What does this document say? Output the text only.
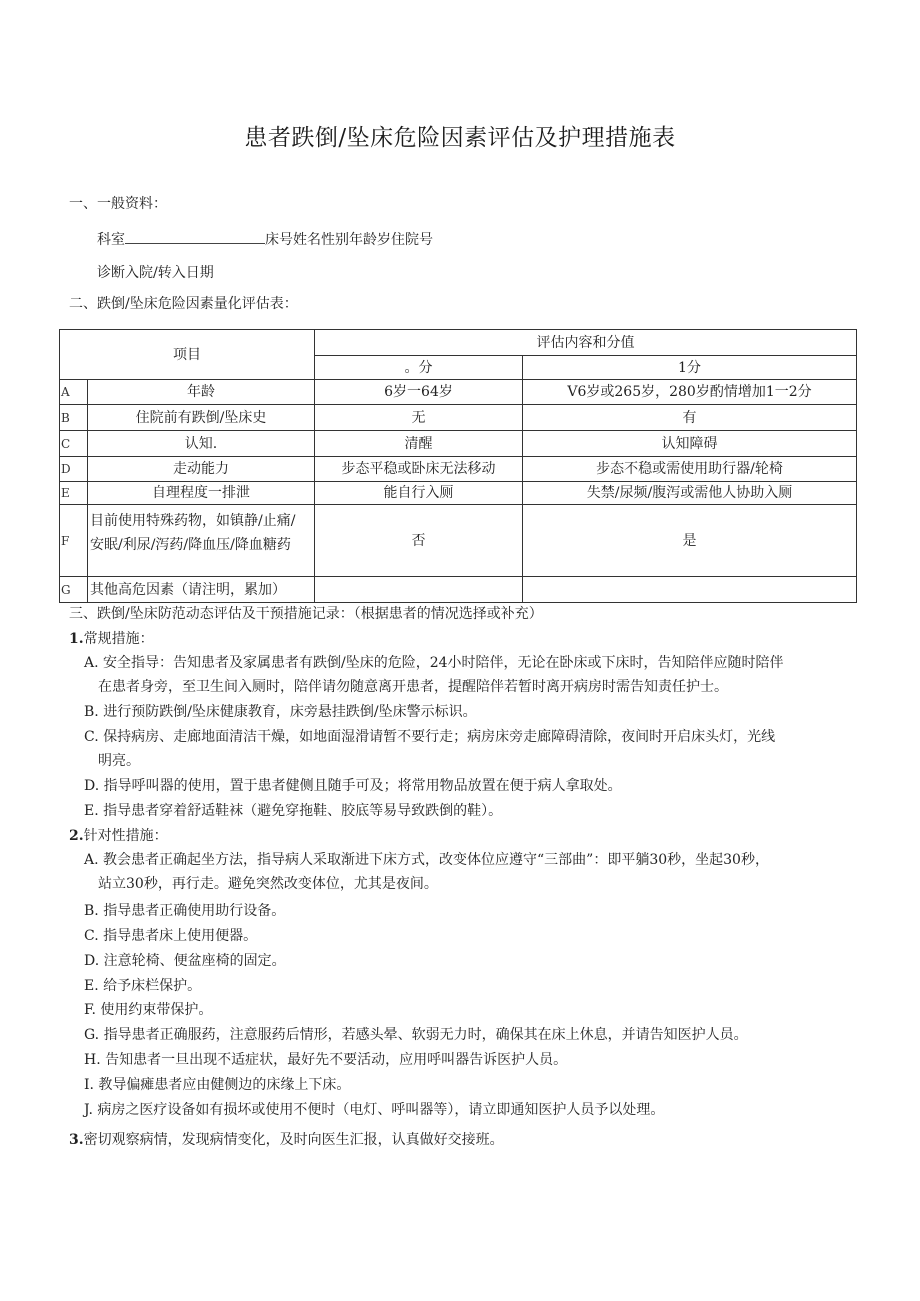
患者跌倒/坠床危险因素评估及护理措施表
一、一般资料：
科室	床号姓名性别年龄岁住院号
诊断入院/转入日期
二、跌倒/坠床危险因素量化评估表：
项目		评估内容和分值	
		。分	1分
A	年龄	6岁一64岁	V6岁或265岁，280岁酌情增加1一2分
B	住院前有跌倒/坠床史	无	有
C	认知.	清醒	认知障碍
D	走动能力	步态平稳或卧床无法移动	步态不稳或需使用助行器/轮椅
E	自理程度一排泄	能自行入厕	失禁/尿频/腹泻或需他人协助入厕
F	目前使用特殊药物，如镇静/止痛/
安眠/利尿/泻药/降血压/降血糖药	否	是
G	其他高危因素（请注明，累加）		
三、跌倒/坠床防范动态评估及干预措施记录：（根据患者的情况选择或补充）
1.常规措施：
A. 安全指导：告知患者及家属患者有跌倒/坠床的危险，24小时陪伴，无论在卧床或下床时，告知陪伴应随时陪伴
在患者身旁，至卫生间入厕时，陪伴请勿随意离开患者，提醒陪伴若暂时离开病房时需告知责任护士。
B. 进行预防跌倒/坠床健康教育，床旁悬挂跌倒/坠床警示标识。
C. 保持病房、走廊地面清洁干燥，如地面湿滑请暂不要行走；病房床旁走廊障碍清除，夜间时开启床头灯，光线
明亮。
D. 指导呼叫器的使用，置于患者健侧且随手可及；将常用物品放置在便于病人拿取处。
E. 指导患者穿着舒适鞋袜（避免穿拖鞋、胶底等易导致跌倒的鞋）。
2.针对性措施：
A. 教会患者正确起坐方法，指导病人采取渐进下床方式，改变体位应遵守“三部曲”：即平躺30秒，坐起30秒，
站立30秒，再行走。避免突然改变体位，尤其是夜间。
B. 指导患者正确使用助行设备。
C. 指导患者床上使用便器。
D. 注意轮椅、便盆座椅的固定。
E. 给予床栏保护。
F. 使用约束带保护。
G. 指导患者正确服药，注意服药后情形，若感头晕、软弱无力时，确保其在床上休息，并请告知医护人员。
H. 告知患者一旦出现不适症状，最好先不要活动，应用呼叫器告诉医护人员。
I. 教导偏瘫患者应由健侧边的床缘上下床。
J. 病房之医疗设备如有损坏或使用不便时（电灯、呼叫器等），请立即通知医护人员予以处理。
3.密切观察病情，发现病情变化，及时向医生汇报，认真做好交接班。
